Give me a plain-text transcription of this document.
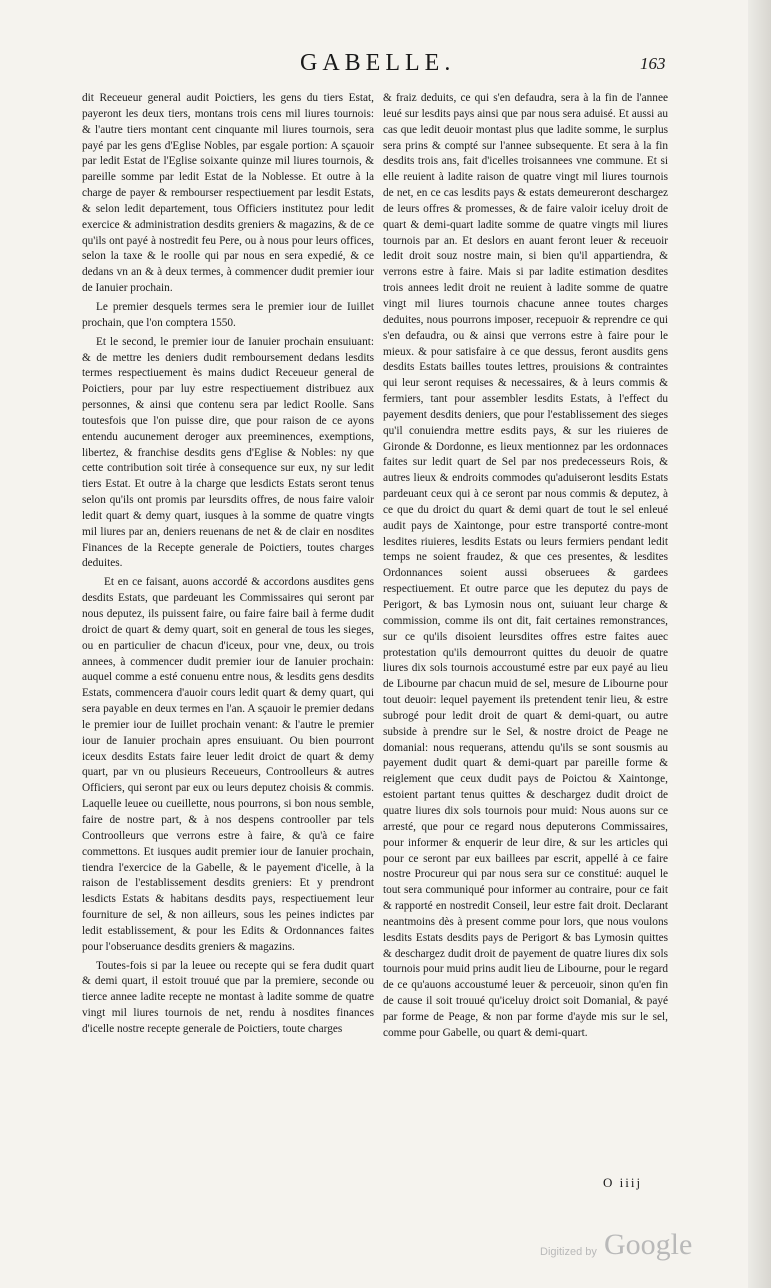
GABELLE.	163

dit Receueur general audit Poictiers, les gens du tiers Estat, payeront les deux tiers, montans trois cens mil liures tournois: & l'autre tiers montant cent cinquante mil liures tournois, sera payé par les gens d'Eglise Nobles, par esgale portion: A sçauoir par ledit Estat de l'Eglise soixante quinze mil liures tournois, & pareille somme par ledit Estat de la Noblesse. Et outre à la charge de payer & rembourser respectiuement par lesdit Estats, & selon ledit departement, tous Officiers institutez pour ledit exercice & administration desdits greniers & magazins, & de ce qu'ils ont payé à nostredit feu Pere, ou à nous pour leurs offices, selon la taxe & le roolle qui par nous en sera expedié, & ce dedans vn an & à deux termes, à commencer dudit premier iour de Ianuier prochain.

Le premier desquels termes sera le premier iour de Iuillet prochain, que l'on comptera 1550.

Et le second, le premier iour de Ianuier prochain ensuiuant: & de mettre les deniers dudit remboursement dedans lesdits termes respectiuement ès mains dudict Receueur general de Poictiers, pour par luy estre respectiuement distribuez aux personnes, & ainsi que contenu sera par ledict Roolle. Sans toutesfois que l'on puisse dire, que pour raison de ce ayons entendu aucunement deroger aux preeminences, exemptions, libertez, & franchise desdits gens d'Eglise & Nobles: ny que cette contribution soit tirée à consequence sur eux, ny sur ledit tiers Estat. Et outre à la charge que lesdicts Estats seront tenus selon qu'ils ont promis par leursdits offres, de nous faire valoir ledit quart & demy quart, iusques à la somme de quatre vingts mil liures par an, deniers reuenans de net & de clair en nosdites Finances de la Recepte generale de Poictiers, toutes charges deduites.

Et en ce faisant, auons accordé & accordons ausdites gens desdits Estats, que pardeuant les Commissaires qui seront par nous deputez, ils puissent faire, ou faire faire bail à ferme dudit droict de quart & demy quart, soit en general de tous les sieges, ou en particulier de chacun d'iceux, pour vne, deux, ou trois annees, à commencer dudit premier iour de Ianuier prochain: auquel comme a esté conuenu entre nous, & lesdits gens desdits Estats, commencera d'auoir cours ledit quart & demy quart, qui sera payable en deux termes en l'an. A sçauoir le premier dedans le premier iour de Iuillet prochain venant: & l'autre le premier iour de Ianuier prochain apres ensuiuant. Ou bien pourront iceux desdits Estats faire leuer ledit droict de quart & demy quart, par vn ou plusieurs Receueurs, Controolleurs & autres Officiers, qui seront par eux ou leurs deputez choisis & commis. Laquelle leuee ou cueillette, nous pourrons, si bon nous semble, faire de nostre part, & à nos despens controoller par tels Controolleurs que verrons estre à faire, & qu'à ce faire commettons. Et iusques audit premier iour de Ianuier prochain, tiendra l'exercice de la Gabelle, & le payement d'icelle, à la raison de l'establissement desdits greniers: Et y prendront lesdicts Estats & habitans desdits pays, respectiuement leur fourniture de sel, & non ailleurs, sous les peines indictes par ledit establissement, & pour les Edits & Ordonnances faites pour l'obseruance desdits greniers & magazins.

Toutes-fois si par la leuee ou recepte qui se fera dudit quart & demi quart, il estoit trouué que par la premiere, seconde ou tierce annee ladite recepte ne montast à ladite somme de quatre vingt mil liures tournois de net, rendu à nosdites finances d'icelle nostre recepte generale de Poictiers, toute charges

& fraiz deduits, ce qui s'en defaudra, sera à la fin de l'annee leué sur lesdits pays ainsi que par nous sera aduisé. Et aussi au cas que ledit deuoir montast plus que ladite somme, le surplus sera prins & compté sur l'annee subsequente. Et sera à la fin desdits trois ans, fait d'icelles troisannees vne commune. Et si elle reuient à ladite raison de quatre vingt mil liures tournois de net, en ce cas lesdits pays & estats demeureront deschargez de leurs offres & promesses, & de faire valoir iceluy droit de quart & demi-quart ladite somme de quatre vingts mil liures tournois par an. Et deslors en auant feront leuer & receuoir ledit droit souz nostre main, si bien qu'il appartiendra, & verrons estre à faire. Mais si par ladite estimation desdites trois annees ledit droit ne reuient à ladite somme de quatre vingt mil liures tournois chacune annee toutes charges deduites, nous pourrons imposer, recepuoir & reprendre ce qui s'en defaudra, ou & ainsi que verrons estre à faire pour le mieux. & pour satisfaire à ce que dessus, feront ausdits gens desdits Estats bailles toutes lettres, prouisions & contraintes qui leur seront requises & necessaires, & à leurs commis & fermiers, tant pour assembler lesdits Estats, à l'effect du payement desdits deniers, que pour l'establissement des sieges qu'il conuiendra mettre esdits pays, & sur les riuieres de Gironde & Dordonne, es lieux mentionnez par les ordonnaces faites sur ledit quart de Sel par nos predecesseurs Rois, & autres lieux & endroits commodes qu'aduiseront lesdits Estats pardeuant ceux qui à ce seront par nous commis & deputez, à ce que du droict du quart & demi quart de tout le sel enleué audit pays de Xaintonge, pour estre transporté contre-mont lesdites riuieres, lesdits Estats ou leurs fermiers pendant ledit temps ne soient fraudez, & que ces presentes, & lesdites Ordonnances soient aussi obseruees & gardees respectiuement. Et outre parce que les deputez du pays de Perigort, & bas Lymosin nous ont, suiuant leur charge & commission, comme ils ont dit, fait certaines remonstrances, sur ce qu'ils disoient leursdites offres estre faites auec protestation qu'ils demourront quittes du deuoir de quatre liures dix sols tournois accoustumé estre par eux payé au lieu de Libourne par chacun muid de sel, mesure de Libourne pour tout deuoir: lequel payement ils pretendent tenir lieu, & estre subrogé pour ledit droit de quart & demi-quart, ou autre subside à prendre sur le Sel, & nostre droict de Peage ne domanial: nous requerans, attendu qu'ils se sont sousmis au payement dudit quart & demi-quart par pareille forme & reiglement que ceux dudit pays de Poictou & Xaintonge, estoient partant tenus quittes & deschargez dudit droict de quatre liures dix sols tournois pour muid: Nous auons sur ce arresté, que pour ce regard nous deputerons Commissaires, pour informer & enquerir de leur dire, & sur les articles qui pour ce seront par eux baillees par escrit, appellé à ce faire nostre Procureur qui par nous sera sur ce constitué: auquel le tout sera communiqué pour informer au contraire, pour ce fait & rapporté en nostredit Conseil, leur estre fait droit. Declarant neantmoins dès à present comme pour lors, que nous voulons lesdits Estats desdits pays de Perigort & bas Lymosin quittes & deschargez dudit droit de payement de quatre liures dix sols tournois pour muid prins audit lieu de Libourne, pour le regard de ce qu'auons accoustumé leuer & perceuoir, sinon qu'en fin de cause il soit trouué qu'iceluy droict soit Domanial, & payé par forme de Peage, & non par forme d'ayde mis sur le sel, comme pour Gabelle, ou quart & demi-quart.

O iiij
Digitized by Google
